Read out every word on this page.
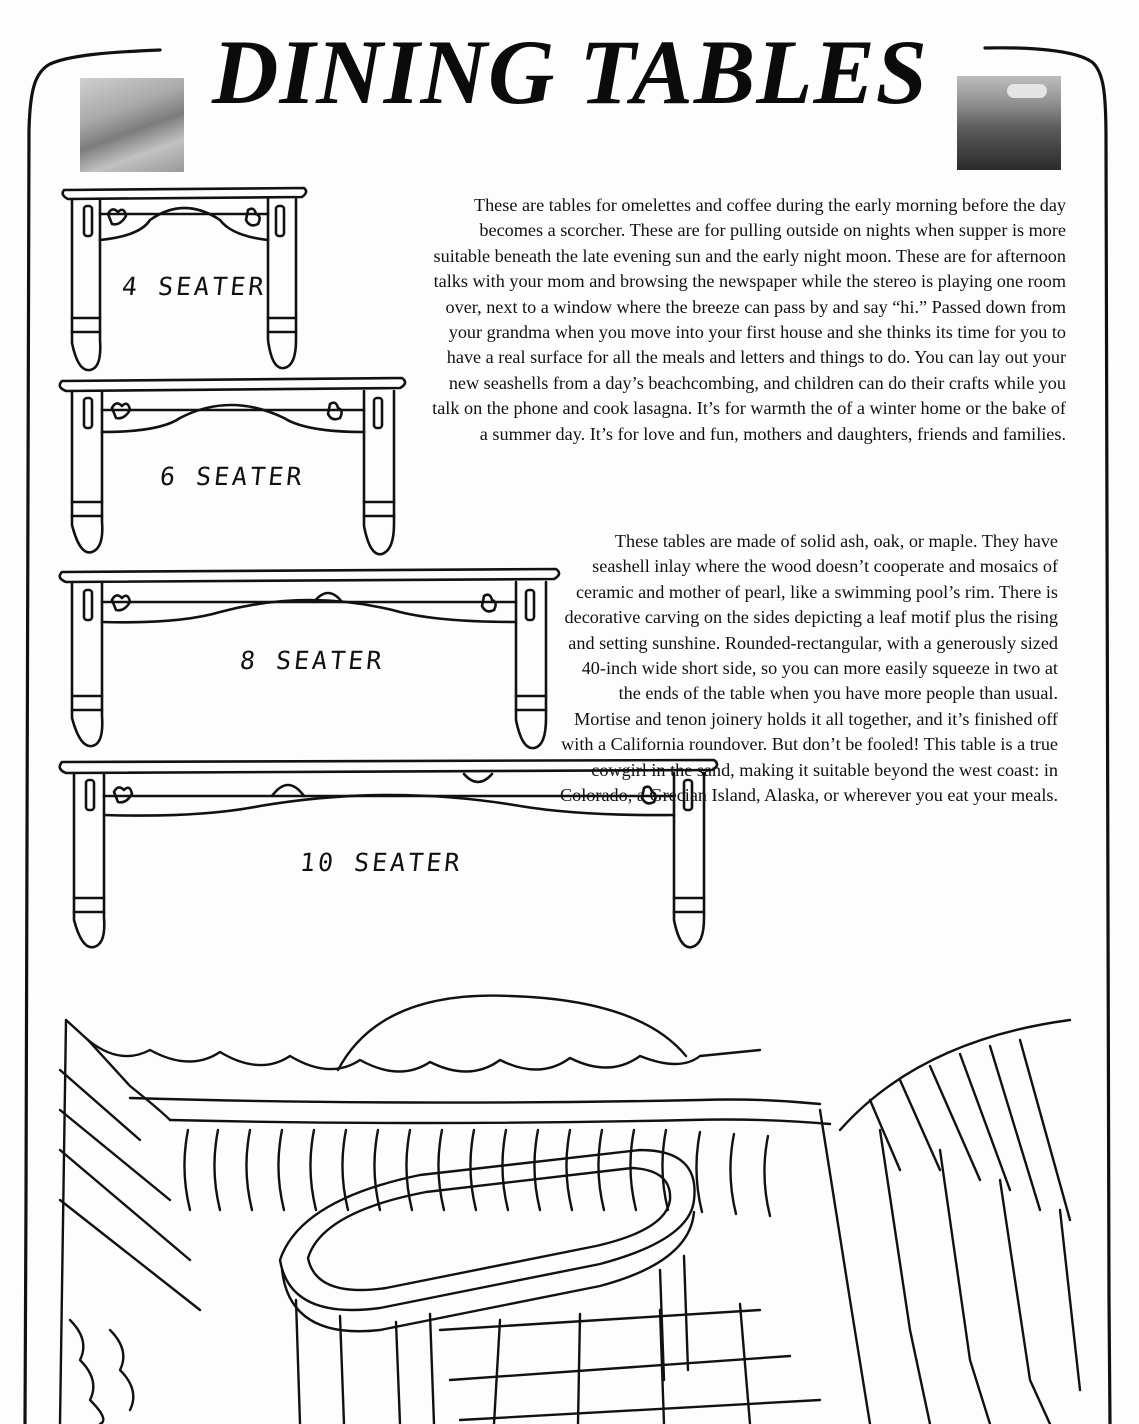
DINING TABLES
These are tables for omelettes and coffee during the early morning before the day becomes a scorcher. These are for pulling outside on nights when supper is more suitable beneath the late evening sun and the early night moon. These are for afternoon talks with your mom and browsing the newspaper while the stereo is playing one room over, next to a window where the breeze can pass by and say “hi.” Passed down from your grandma when you move into your first house and she thinks its time for you to have a real surface for all the meals and letters and things to do. You can lay out your new seashells from a day’s beachcombing, and children can do their crafts while you talk on the phone and cook lasagna. It’s for warmth the of a winter home or the bake of a summer day. It’s for love and fun, mothers and daughters, friends and families.
These tables are made of solid ash, oak, or maple. They have seashell inlay where the wood doesn’t cooperate and mosaics of ceramic and mother of pearl, like a swimming pool’s rim. There is decorative carving on the sides depicting a leaf motif plus the rising and setting sunshine. Rounded-rectangular, with a generously sized 40-inch wide short side, so you can more easily squeeze in two at the ends of the table when you have more people than usual. Mortise and tenon joinery holds it all together, and it’s finished off with a California roundover. But don’t be fooled! This table is a true cowgirl in the sand, making it suitable beyond the west coast: in Colorado, a Grecian Island, Alaska, or wherever you eat your meals.
4 SEATER
6 SEATER
8 SEATER
10 SEATER
